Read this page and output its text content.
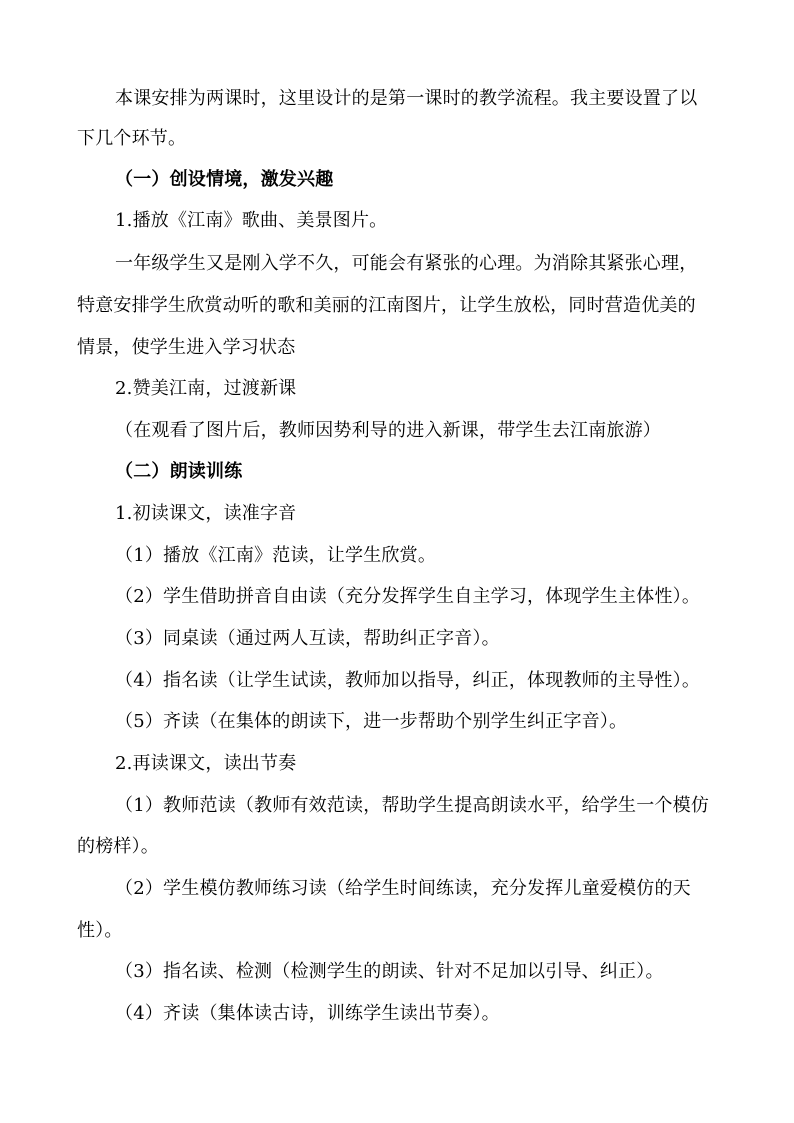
本课安排为两课时，这里设计的是第一课时的教学流程。我主要设置了以
下几个环节。
（一）创设情境，激发兴趣
1.播放《江南》歌曲、美景图片。
一年级学生又是刚入学不久，可能会有紧张的心理。为消除其紧张心理，
特意安排学生欣赏动听的歌和美丽的江南图片，让学生放松，同时营造优美的
情景，使学生进入学习状态
2.赞美江南，过渡新课
（在观看了图片后，教师因势利导的进入新课，带学生去江南旅游）
（二）朗读训练
1.初读课文，读准字音
（1）播放《江南》范读，让学生欣赏。
（2）学生借助拼音自由读（充分发挥学生自主学习，体现学生主体性）。
（3）同桌读（通过两人互读，帮助纠正字音）。
（4）指名读（让学生试读，教师加以指导，纠正，体现教师的主导性）。
（5）齐读（在集体的朗读下，进一步帮助个别学生纠正字音）。
2.再读课文，读出节奏
（1）教师范读（教师有效范读，帮助学生提高朗读水平，给学生一个模仿
的榜样）。
（2）学生模仿教师练习读（给学生时间练读，充分发挥儿童爱模仿的天
性）。
（3）指名读、检测（检测学生的朗读、针对不足加以引导、纠正）。
（4）齐读（集体读古诗，训练学生读出节奏）。
